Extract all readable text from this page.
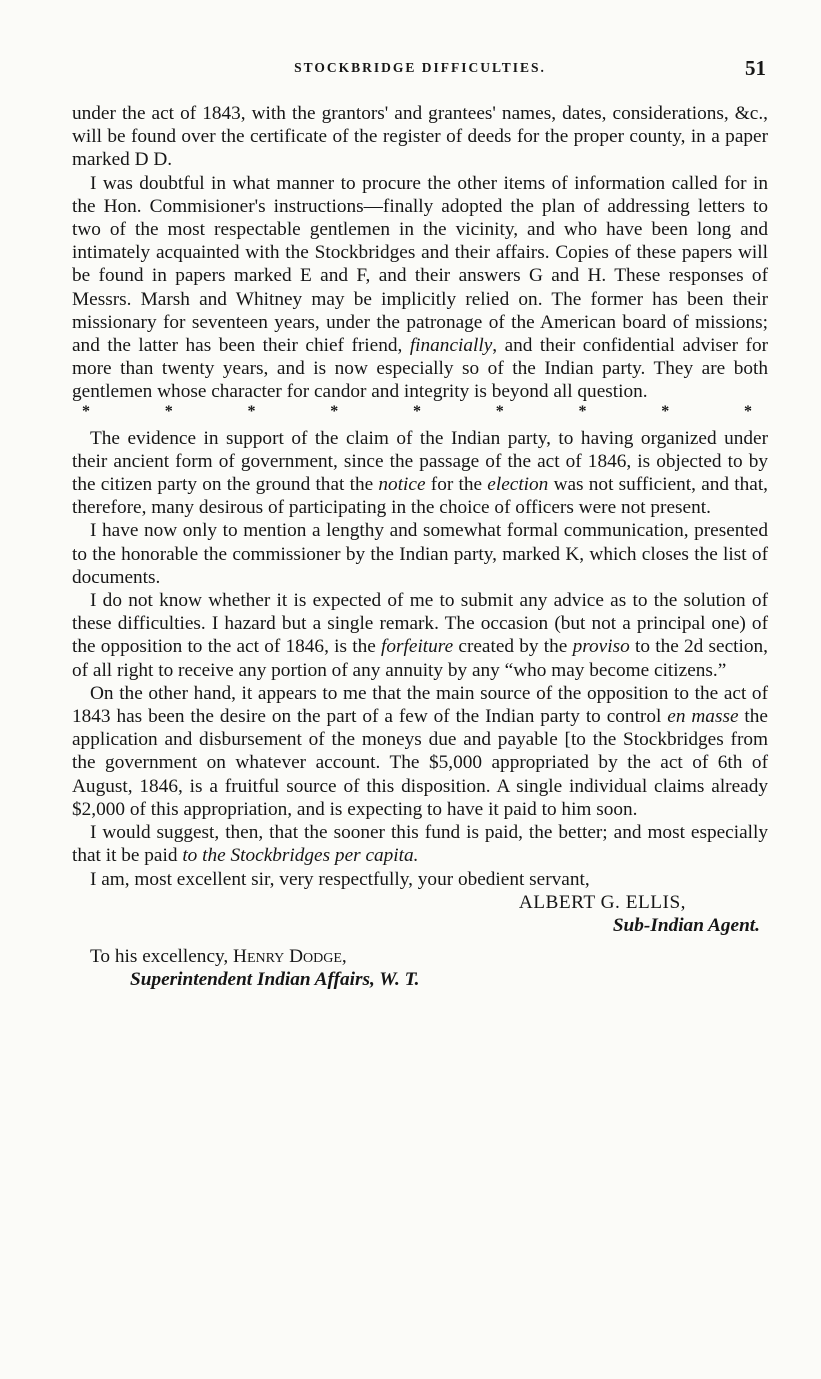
STOCKBRIDGE DIFFICULTIES.	51

under the act of 1843, with the grantors' and grantees' names, dates, considerations, &c., will be found over the certificate of the register of deeds for the proper county, in a paper marked D D.

I was doubtful in what manner to procure the other items of information called for in the Hon. Commisioner's instructions—finally adopted the plan of addressing letters to two of the most respectable gentlemen in the vicinity, and who have been long and intimately acquainted with the Stockbridges and their affairs. Copies of these papers will be found in papers marked E and F, and their answers G and H. These responses of Messrs. Marsh and Whitney may be implicitly relied on. The former has been their missionary for seventeen years, under the patronage of the American board of missions; and the latter has been their chief friend, financially, and their confidential adviser for more than twenty years, and is now especially so of the Indian party. They are both gentlemen whose character for candor and integrity is beyond all question.

*	*	*	*	*	*	*	*	*

The evidence in support of the claim of the Indian party, to having organized under their ancient form of government, since the passage of the act of 1846, is objected to by the citizen party on the ground that the notice for the election was not sufficient, and that, therefore, many desirous of participating in the choice of officers were not present.

I have now only to mention a lengthy and somewhat formal communication, presented to the honorable the commissioner by the Indian party, marked K, which closes the list of documents.

I do not know whether it is expected of me to submit any advice as to the solution of these difficulties. I hazard but a single remark. The occasion (but not a principal one) of the opposition to the act of 1846, is the forfeiture created by the proviso to the 2d section, of all right to receive any portion of any annuity by any “who may become citizens.”

On the other hand, it appears to me that the main source of the opposition to the act of 1843 has been the desire on the part of a few of the Indian party to control en masse the application and disbursement of the moneys due and payable [to the Stockbridges from the government on whatever account. The $5,000 appropriated by the act of 6th of August, 1846, is a fruitful source of this disposition. A single individual claims already $2,000 of this appropriation, and is expecting to have it paid to him soon.

I would suggest, then, that the sooner this fund is paid, the better; and most especially that it be paid to the Stockbridges per capita.

I am, most excellent sir, very respectfully, your obedient servant,

ALBERT G. ELLIS,

Sub-Indian Agent.

To his excellency, Henry Dodge,

Superintendent Indian Affairs, W. T.
